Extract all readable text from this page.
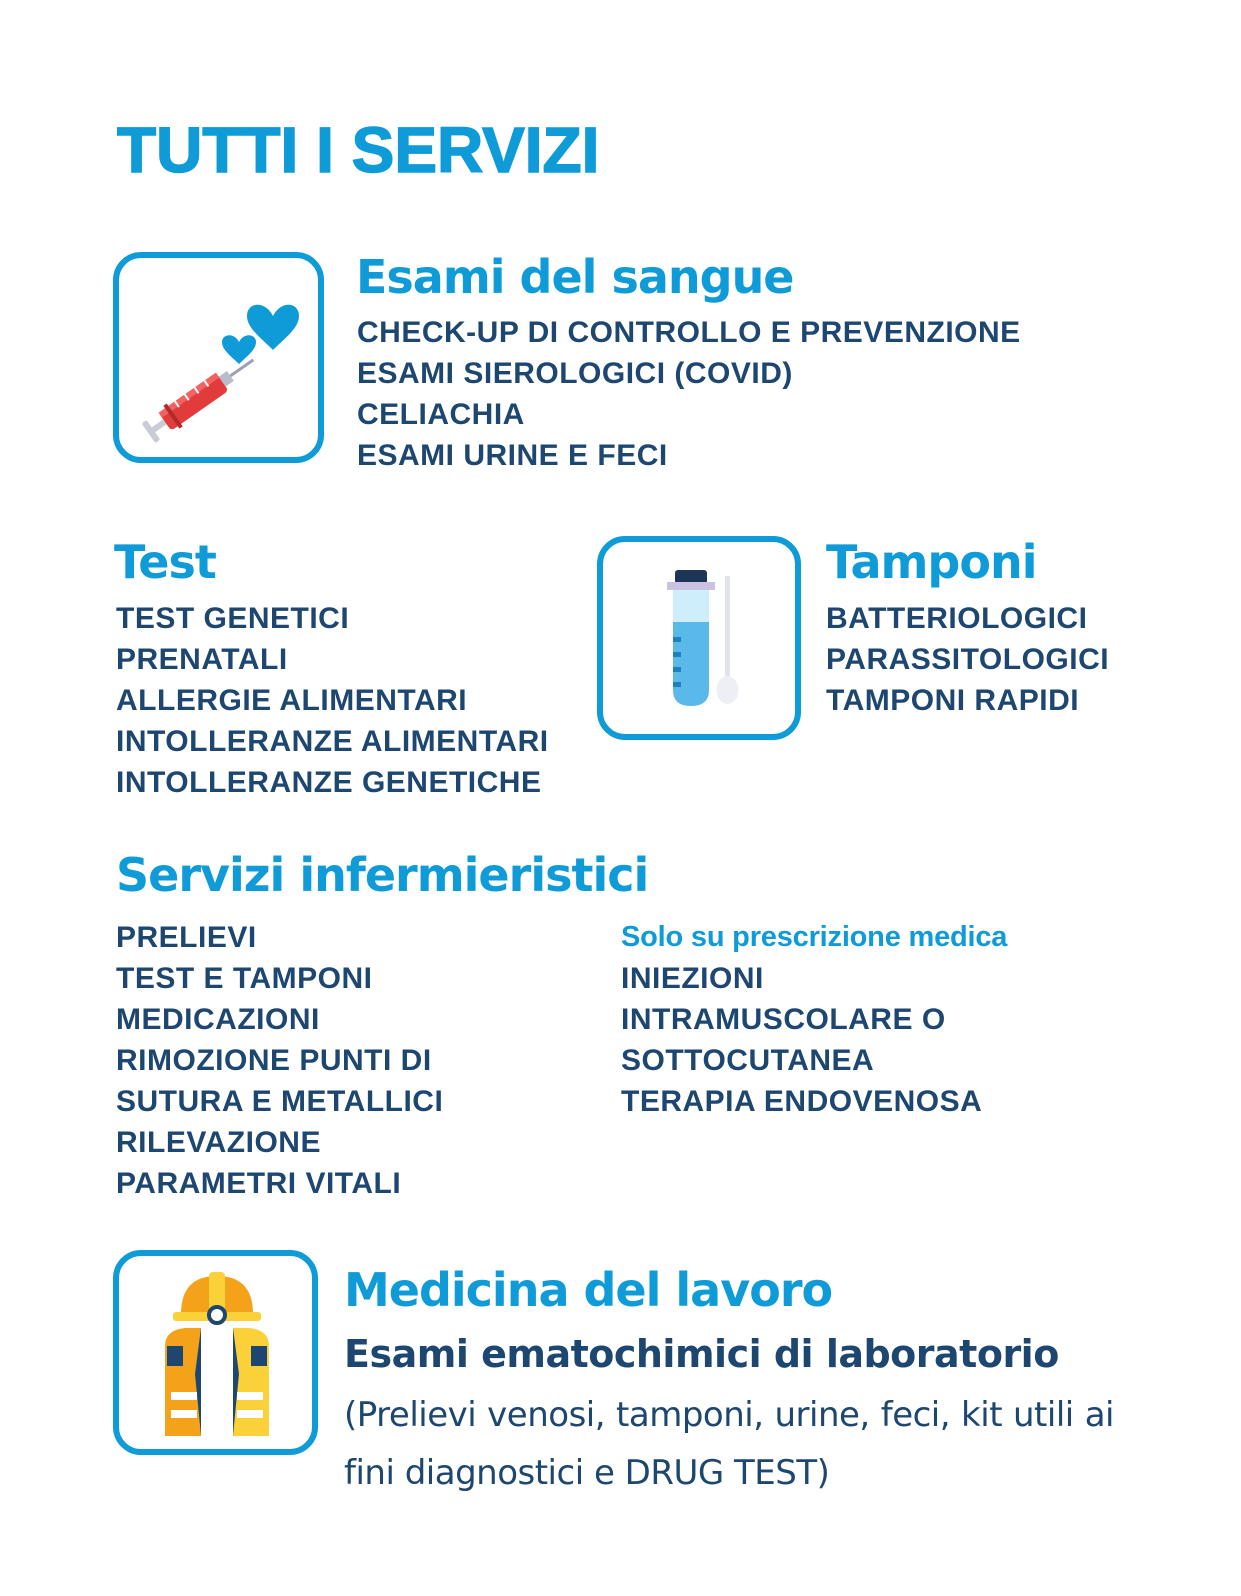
TUTTI I SERVIZI
Esami del sangue
CHECK-UP DI CONTROLLO E PREVENZIONE
ESAMI SIEROLOGICI (COVID)
CELIACHIA
ESAMI URINE E FECI
Test
TEST GENETICI
PRENATALI
ALLERGIE ALIMENTARI
INTOLLERANZE ALIMENTARI
INTOLLERANZE GENETICHE
Tamponi
BATTERIOLOGICI
PARASSITOLOGICI
TAMPONI RAPIDI
Servizi infermieristici
PRELIEVI
TEST E TAMPONI
MEDICAZIONI
RIMOZIONE PUNTI DI
SUTURA E METALLICI
RILEVAZIONE
PARAMETRI VITALI

Solo su prescrizione medica

INIEZIONI
INTRAMUSCOLARE O
SOTTOCUTANEA
TERAPIA ENDOVENOSA
Medicina del lavoro

Esami ematochimici di laboratorio

(Prelievi venosi, tamponi, urine, feci, kit utili ai fini diagnostici e DRUG TEST)
